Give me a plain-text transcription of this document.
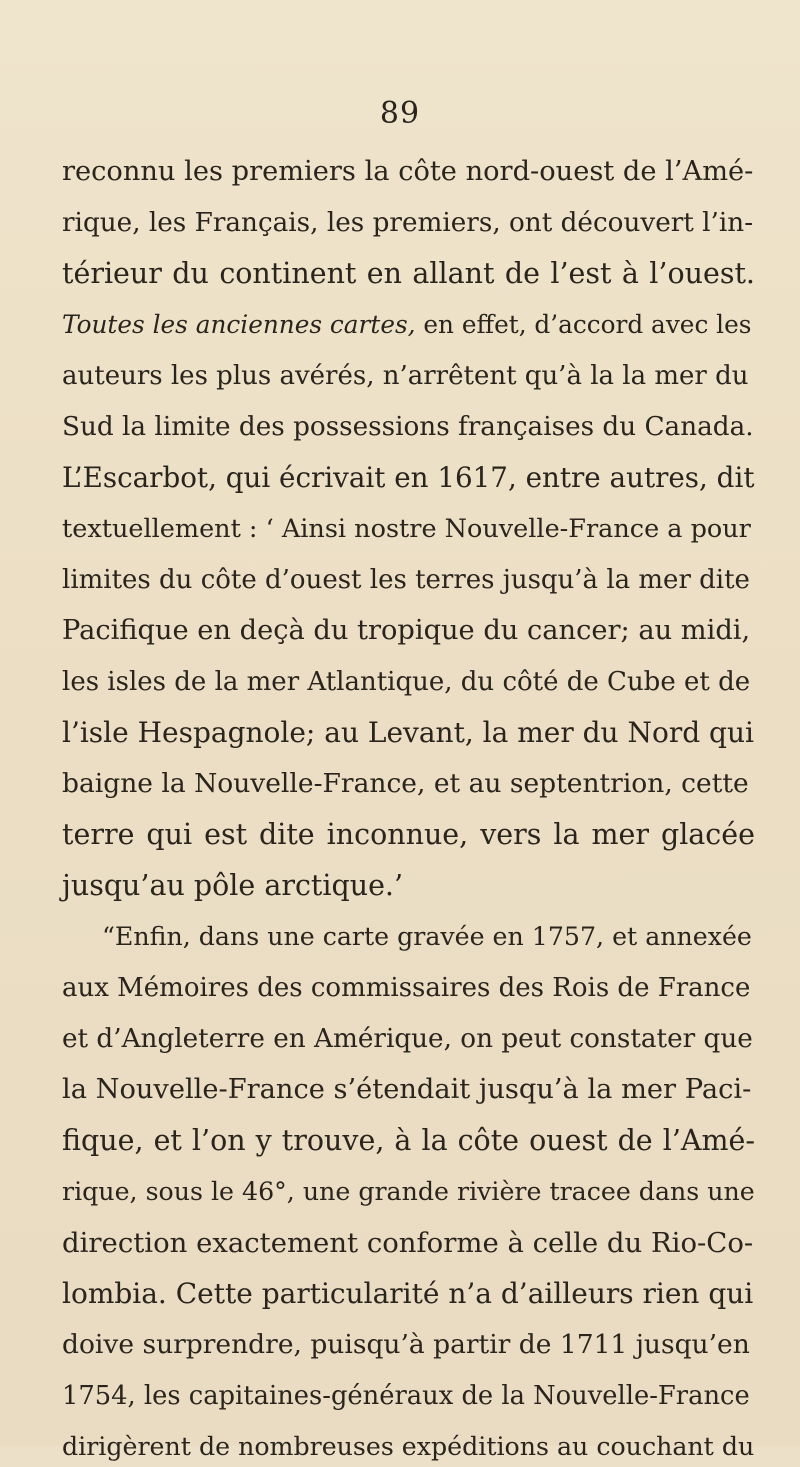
89
reconnu les premiers la côte nord-ouest de l’Amé-
rique, les Français, les premiers, ont découvert l’in-
térieur du continent en allant de l’est à l’ouest.
Toutes les anciennes cartes, en effet, d’accord avec les
auteurs les plus avérés, n’arrêtent qu’à la la mer du
Sud la limite des possessions françaises du Canada.
L’Escarbot, qui écrivait en 1617, entre autres, dit
textuellement : ‘ Ainsi nostre Nouvelle-France a pour
limites du côte d’ouest les terres jusqu’à la mer dite
Pacifique en deçà du tropique du cancer; au midi,
les isles de la mer Atlantique, du côté de Cube et de
l’isle Hespagnole; au Levant, la mer du Nord qui
baigne la Nouvelle-France, et au septentrion, cette
terre qui est dite inconnue, vers la mer glacée
jusqu’au pôle arctique.’
“Enfin, dans une carte gravée en 1757, et annexée
aux Mémoires des commissaires des Rois de France
et d’Angleterre en Amérique, on peut constater que
la Nouvelle-France s’étendait jusqu’à la mer Paci-
fique, et l’on y trouve, à la côte ouest de l’Amé-
rique, sous le 46°, une grande rivière tracee dans une
direction exactement conforme à celle du Rio-Co-
lombia. Cette particularité n’a d’ailleurs rien qui
doive surprendre, puisqu’à partir de 1711 jusqu’en
1754, les capitaines-généraux de la Nouvelle-France
dirigèrent de nombreuses expéditions au couchant du
